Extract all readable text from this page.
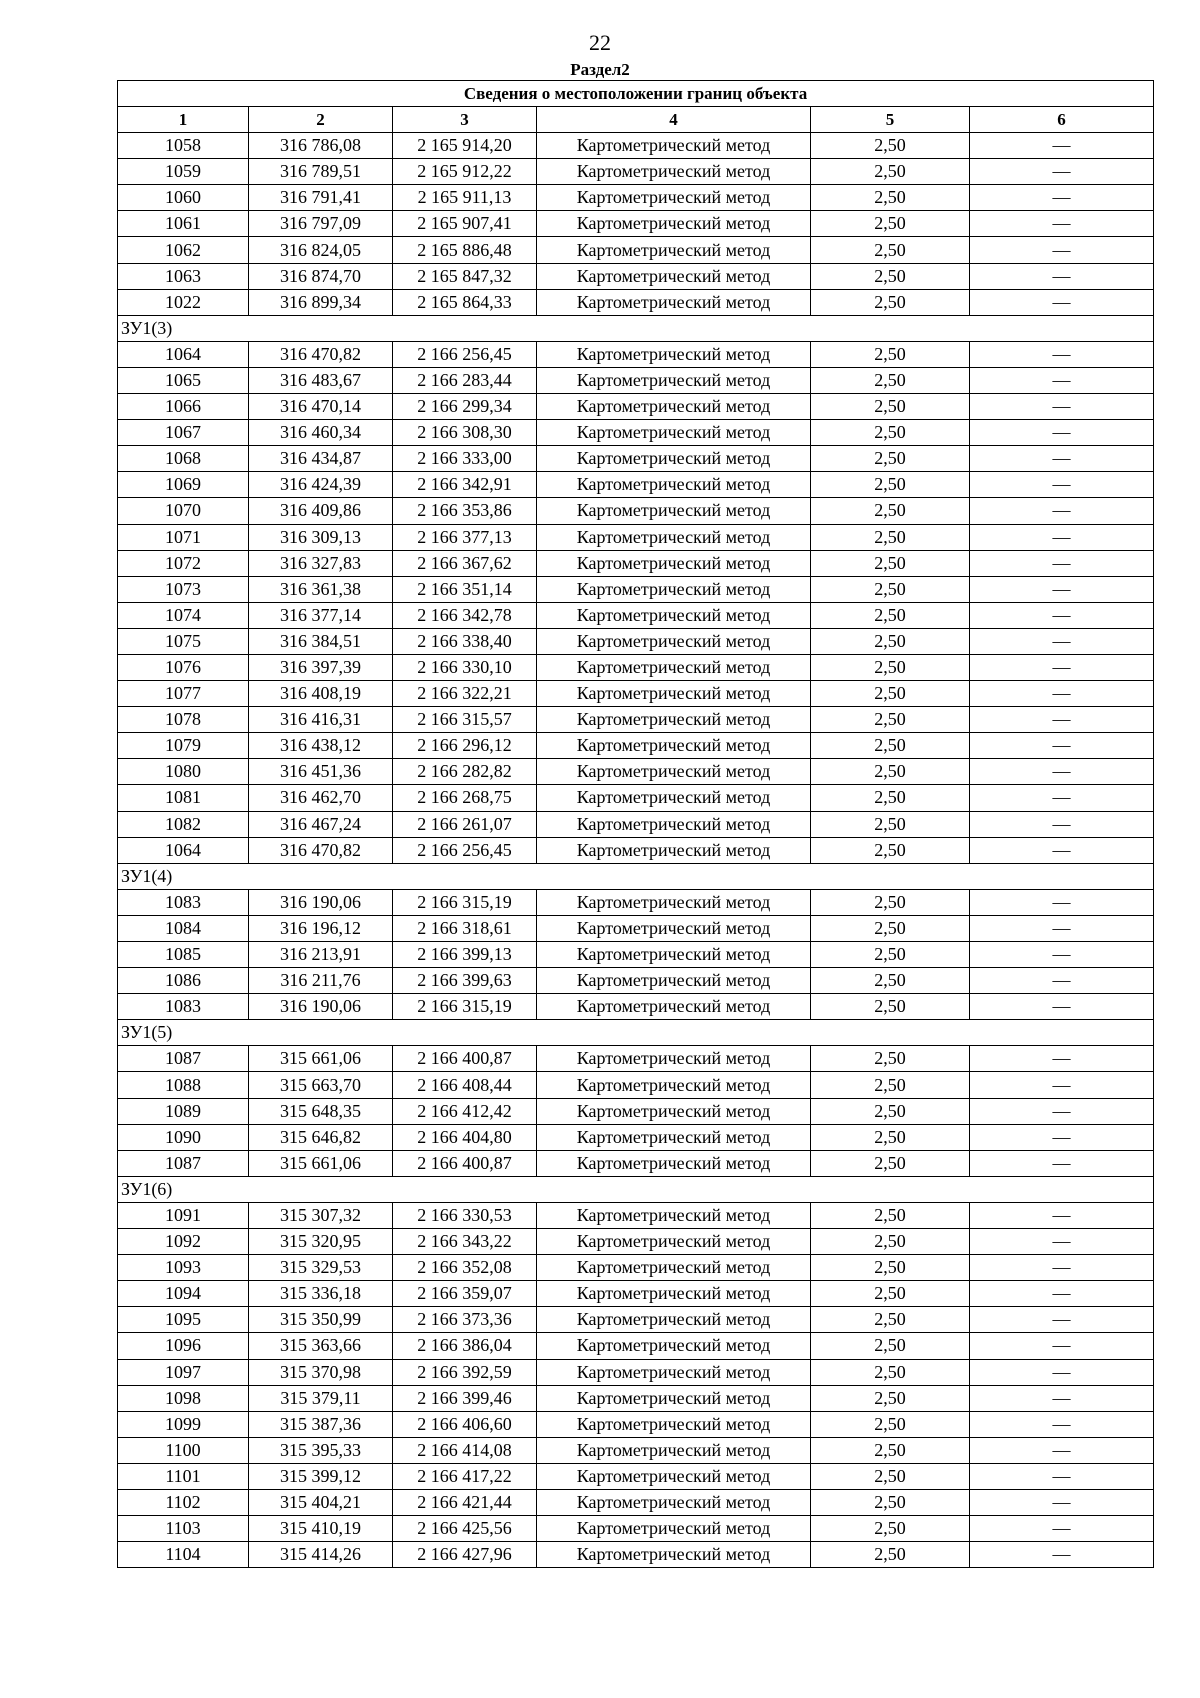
22
Раздел2
Сведения о местоположении границ объекта					
1	2	3	4	5	6
1058	316 786,08	2 165 914,20	Картометрический метод	2,50	—
1059	316 789,51	2 165 912,22	Картометрический метод	2,50	—
1060	316 791,41	2 165 911,13	Картометрический метод	2,50	—
1061	316 797,09	2 165 907,41	Картометрический метод	2,50	—
1062	316 824,05	2 165 886,48	Картометрический метод	2,50	—
1063	316 874,70	2 165 847,32	Картометрический метод	2,50	—
1022	316 899,34	2 165 864,33	Картометрический метод	2,50	—
ЗУ1(3)					
1064	316 470,82	2 166 256,45	Картометрический метод	2,50	—
1065	316 483,67	2 166 283,44	Картометрический метод	2,50	—
1066	316 470,14	2 166 299,34	Картометрический метод	2,50	—
1067	316 460,34	2 166 308,30	Картометрический метод	2,50	—
1068	316 434,87	2 166 333,00	Картометрический метод	2,50	—
1069	316 424,39	2 166 342,91	Картометрический метод	2,50	—
1070	316 409,86	2 166 353,86	Картометрический метод	2,50	—
1071	316 309,13	2 166 377,13	Картометрический метод	2,50	—
1072	316 327,83	2 166 367,62	Картометрический метод	2,50	—
1073	316 361,38	2 166 351,14	Картометрический метод	2,50	—
1074	316 377,14	2 166 342,78	Картометрический метод	2,50	—
1075	316 384,51	2 166 338,40	Картометрический метод	2,50	—
1076	316 397,39	2 166 330,10	Картометрический метод	2,50	—
1077	316 408,19	2 166 322,21	Картометрический метод	2,50	—
1078	316 416,31	2 166 315,57	Картометрический метод	2,50	—
1079	316 438,12	2 166 296,12	Картометрический метод	2,50	—
1080	316 451,36	2 166 282,82	Картометрический метод	2,50	—
1081	316 462,70	2 166 268,75	Картометрический метод	2,50	—
1082	316 467,24	2 166 261,07	Картометрический метод	2,50	—
1064	316 470,82	2 166 256,45	Картометрический метод	2,50	—
ЗУ1(4)					
1083	316 190,06	2 166 315,19	Картометрический метод	2,50	—
1084	316 196,12	2 166 318,61	Картометрический метод	2,50	—
1085	316 213,91	2 166 399,13	Картометрический метод	2,50	—
1086	316 211,76	2 166 399,63	Картометрический метод	2,50	—
1083	316 190,06	2 166 315,19	Картометрический метод	2,50	—
ЗУ1(5)					
1087	315 661,06	2 166 400,87	Картометрический метод	2,50	—
1088	315 663,70	2 166 408,44	Картометрический метод	2,50	—
1089	315 648,35	2 166 412,42	Картометрический метод	2,50	—
1090	315 646,82	2 166 404,80	Картометрический метод	2,50	—
1087	315 661,06	2 166 400,87	Картометрический метод	2,50	—
ЗУ1(6)					
1091	315 307,32	2 166 330,53	Картометрический метод	2,50	—
1092	315 320,95	2 166 343,22	Картометрический метод	2,50	—
1093	315 329,53	2 166 352,08	Картометрический метод	2,50	—
1094	315 336,18	2 166 359,07	Картометрический метод	2,50	—
1095	315 350,99	2 166 373,36	Картометрический метод	2,50	—
1096	315 363,66	2 166 386,04	Картометрический метод	2,50	—
1097	315 370,98	2 166 392,59	Картометрический метод	2,50	—
1098	315 379,11	2 166 399,46	Картометрический метод	2,50	—
1099	315 387,36	2 166 406,60	Картометрический метод	2,50	—
1100	315 395,33	2 166 414,08	Картометрический метод	2,50	—
1101	315 399,12	2 166 417,22	Картометрический метод	2,50	—
1102	315 404,21	2 166 421,44	Картометрический метод	2,50	—
1103	315 410,19	2 166 425,56	Картометрический метод	2,50	—
1104	315 414,26	2 166 427,96	Картометрический метод	2,50	—
